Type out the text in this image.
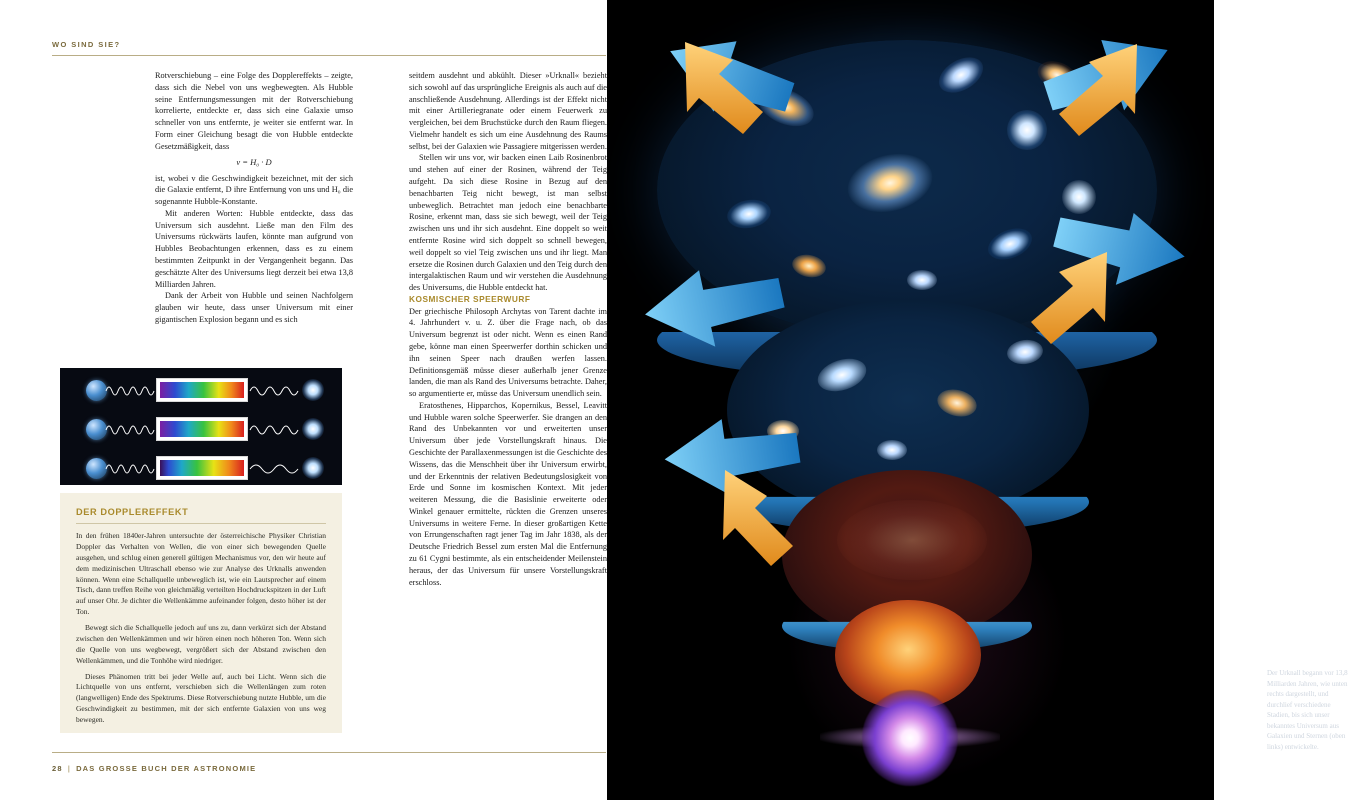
WO SIND SIE?
28 | DAS GROSSE BUCH DER ASTRONOMIE

Rotverschiebung – eine Folge des Dopplereffekts – zeigte, dass sich die Nebel von uns wegbewegten. Als Hubble seine Entfernungsmessungen mit der Rotverschiebung korrelierte, entdeckte er, dass sich eine Galaxie umso schneller von uns entfernte, je weiter sie entfernt war. In Form einer Gleichung besagt die von Hubble entdeckte Gesetzmäßigkeit, dass

v = H₀ · D

ist, wobei v die Geschwindigkeit bezeichnet, mit der sich die Galaxie entfernt, D ihre Entfernung von uns und H₀ die sogenannte Hubble-Konstante.

Mit anderen Worten: Hubble entdeckte, dass das Universum sich ausdehnt. Ließe man den Film des Universums rückwärts laufen, könnte man aufgrund von Hubbles Beobachtungen erkennen, dass es zu einem bestimmten Zeitpunkt in der Vergangenheit begann. Das geschätzte Alter des Universums liegt derzeit bei etwa 13,8 Milliarden Jahren.

Dank der Arbeit von Hubble und seinen Nachfolgern glauben wir heute, dass unser Universum mit einer gigantischen Explosion begann und es sich

seitdem ausdehnt und abkühlt. Dieser »Urknall« bezieht sich sowohl auf das ursprüngliche Ereignis als auch auf die anschließende Ausdehnung. Allerdings ist der Effekt nicht mit einer Artilleriegranate oder einem Feuerwerk zu vergleichen, bei dem Bruchstücke durch den Raum fliegen. Vielmehr handelt es sich um eine Ausdehnung des Raums selbst, bei der Galaxien wie Passagiere mitgerissen werden.

Stellen wir uns vor, wir backen einen Laib Rosinenbrot und stehen auf einer der Rosinen, während der Teig aufgeht. Da sich diese Rosine in Bezug auf den benachbarten Teig nicht bewegt, ist man selbst unbeweglich. Betrachtet man jedoch eine benachbarte Rosine, erkennt man, dass sie sich bewegt, weil der Teig zwischen uns und ihr sich ausdehnt. Eine doppelt so weit entfernte Rosine wird sich doppelt so schnell bewegen, weil doppelt so viel Teig zwischen uns und ihr liegt. Man ersetze die Rosinen durch Galaxien und den Teig durch den intergalaktischen Raum und wir verstehen die Ausdehnung des Universums, die Hubble entdeckt hat.

KOSMISCHER SPEERWURF

Der griechische Philosoph Archytas von Tarent dachte im 4. Jahrhundert v. u. Z. über die Frage nach, ob das Universum begrenzt ist oder nicht. Wenn es einen Rand gebe, könne man einen Speerwerfer dorthin schicken und ihn seinen Speer nach draußen werfen lassen. Definitionsgemäß müsse dieser außerhalb jener Grenze landen, die man als Rand des Universums betrachte. Daher, so argumentierte er, müsse das Universum unendlich sein.

Eratosthenes, Hipparchos, Kopernikus, Bessel, Leavitt und Hubble waren solche Speerwerfer. Sie drangen an den Rand des Unbekannten vor und erweiterten unser Universum über jede Vorstellungskraft hinaus. Die Geschichte der Parallaxenmessungen ist die Geschichte des Wissens, das die Menschheit über ihr Universum erwirbt, und der Erkenntnis der relativen Bedeutungslosigkeit von Erde und Sonne im kosmischen Kontext. Mit jeder weiteren Messung, die die Basislinie erweiterte oder Winkel genauer ermittelte, rückten die Grenzen unseres Universums in weitere Ferne. In dieser großartigen Kette von Errungenschaften ragt jener Tag im Jahr 1838, als der Deutsche Friedrich Bessel zum ersten Mal die Entfernung zu 61 Cygni bestimmte, als ein entscheidender Meilenstein heraus, der das Universum für unsere Vorstellungskraft erschloss.

DER DOPPLEREFFEKT

In den frühen 1840er-Jahren untersuchte der österreichische Physiker Christian Doppler das Verhalten von Wellen, die von einer sich bewegenden Quelle ausgehen, und schlug einen generell gültigen Mechanismus vor, den wir heute auf dem medizinischen Ultraschall ebenso wie zur Analyse des Urknalls anwenden können. Wenn eine Schallquelle unbeweglich ist, wie ein Lautsprecher auf einem Tisch, dann treffen Reihe von gleichmäßig verteilten Hochdruckspitzen in der Luft auf unser Ohr. Je dichter die Wellenkämme aufeinander folgen, desto höher ist der Ton.

Bewegt sich die Schallquelle jedoch auf uns zu, dann verkürzt sich der Abstand zwischen den Wellenkämmen und wir hören einen noch höheren Ton. Wenn sich die Quelle von uns wegbewegt, vergrößert sich der Abstand zwischen den Wellenkämmen, und die Tonhöhe wird niedriger.

Dieses Phänomen tritt bei jeder Welle auf, auch bei Licht. Wenn sich die Lichtquelle von uns entfernt, verschieben sich die Wellenlängen zum roten (langwelligen) Ende des Spektrums. Diese Rotverschiebung nutzte Hubble, um die Geschwindigkeit zu bestimmen, mit der sich entfernte Galaxien von uns weg bewegen.

Der Urknall begann vor 13,8 Milliarden Jahren, wie unten rechts dargestellt, und durchlief verschiedene Stadien, bis sich unser bekanntes Universum aus Galaxien und Sternen (oben links) entwickelte.
